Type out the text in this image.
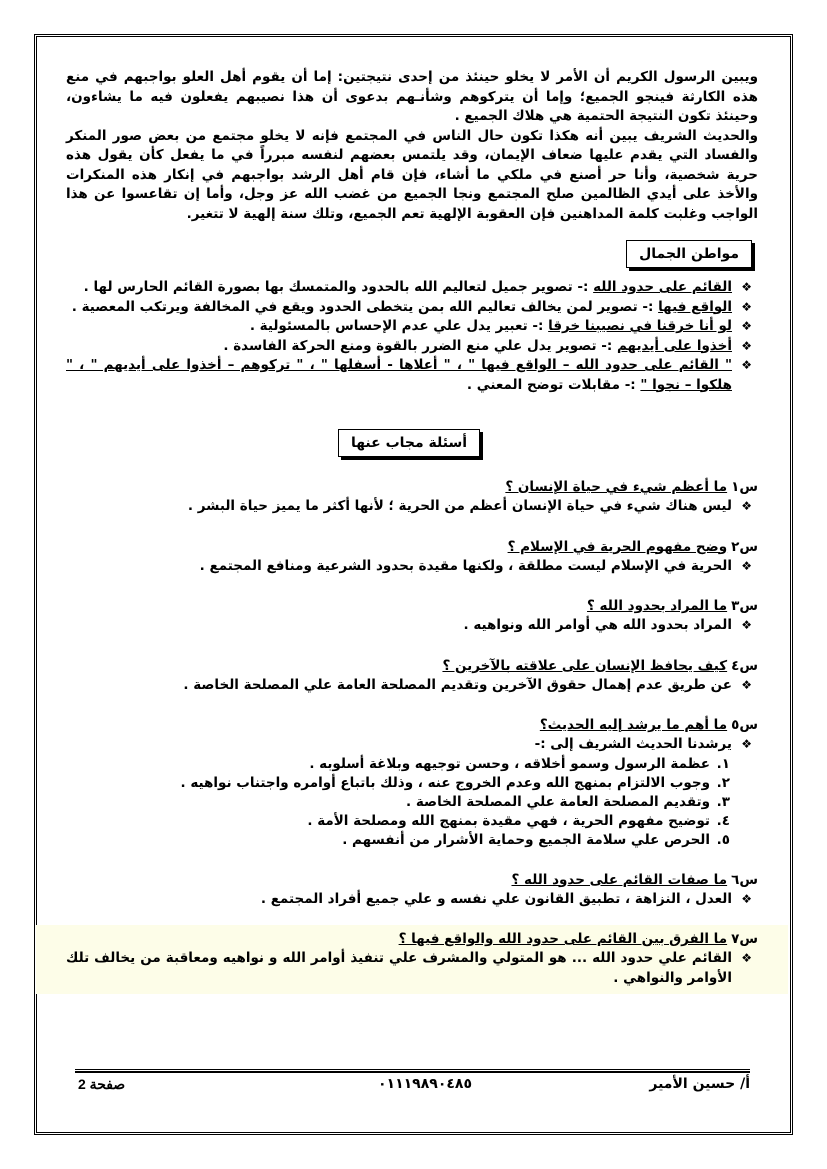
ويبين الرسول الكريم أن الأمر لا يخلو حينئذ من إحدى نتيجتين: إما أن يقوم أهل العلو بواجبهم في منع هذه الكارثة فينجو الجميع؛ وإما أن يتركوهم وشأنـهم بدعوى أن هذا نصيبهم يفعلون فيه ما يشاءون، وحينئذ تكون النتيجة الحتمية هي هلاك الجميع .

والحديث الشريف يبين أنه هكذا تكون حال الناس في المجتمع فإنه لا يخلو مجتمع من بعض صور المنكر والفساد التي يقدم عليها ضعاف الإيمان، وقد يلتمس بعضهم لنفسه مبرراً في ما يفعل كأن يقول هذه حرية شخصية، وأنا حر أصنع في ملكي ما أشاء، فإن قام أهل الرشد بواجبهم في إنكار هذه المنكرات والأخذ على أيدي الظالمين صلح المجتمع ونجا الجميع من غضب الله عز وجل، وأما إن تقاعسوا عن هذا الواجب وغلبت كلمة المداهنين فإن العقوبة الإلهية تعم الجميع، وتلك سنة إلهية لا تتغير.

مواطن الجمال
❖ القائم على حدود الله :- تصوير جميل لتعاليم الله بالحدود والمتمسك بها بصورة القائم الحارس لها .
❖ الواقع فيها :- تصوير لمن يخالف تعاليم الله بمن يتخطى الحدود ويقع في المخالفة ويرتكب المعصية .
❖ لو أنا خرقنا في نصيبنا خرقا :- تعبير يدل علي عدم الإحساس بالمسئولية .
❖ أخذوا على أيديهم :- تصوير يدل علي منع الضرر بالقوة ومنع الحركة الفاسدة .
❖ " القائم على حدود الله – الواقع فيها " ، " أعلاها - أسفلها " ، " تركوهم – أخذوا على أيديهم " ، " هلكوا – نجوا " :- مقابلات توضح المعني .
أسئلة مجاب عنها
س١ما أعظم شيء في حياة الإنسان ؟
❖ ليس هناك شيء في حياة الإنسان أعظم من الحرية ؛ لأنها أكثر ما يميز حياة البشر .
س٢وضح مفهوم الحرية في الإسلام ؟
❖ الحرية في الإسلام ليست مطلقة ، ولكنها مقيدة بحدود الشرعية ومنافع المجتمع .
س٣ما المراد بحدود الله ؟
❖ المراد بحدود الله هي أوامر الله ونواهيه .
س٤كيف يحافظ الإنسان على علاقته بالآخرين ؟
❖ عن طريق عدم إهمال حقوق الآخرين وتقديم المصلحة العامة علي المصلحة الخاصة .
س٥ما أهم ما يرشد إليه الحديث؟
❖ يرشدنا الحديث الشريف إلى :-
١.
عظمة الرسول وسمو أخلاقه ، وحسن توجيهه وبلاغة أسلوبه .
٢.
وجوب الالتزام بمنهج الله وعدم الخروج عنه ، وذلك باتباع أوامره واجتناب نواهيه .
٣.
وتقديم المصلحة العامة علي المصلحة الخاصة .
٤.
توضيح مفهوم الحرية ، فهي مقيدة بمنهج الله ومصلحة الأمة .
٥.
الحرص علي سلامة الجميع وحماية الأشرار من أنفسهم .
س٦ما صفات القائم على حدود الله ؟
❖ العدل ، النزاهة ، تطبيق القانون علي نفسه و علي جميع أفراد المجتمع .
س٧ما الفرق بين القائم على حدود الله والواقع فيها ؟
❖ القائم علي حدود الله ... هو المتولي والمشرف علي تنفيذ أوامر الله و نواهيه ومعاقبة من يخالف تلك الأوامر والنواهي .
أ/ حسين الأمير
٠١١١٩٨٩٠٤٨٥
صفحة 2
